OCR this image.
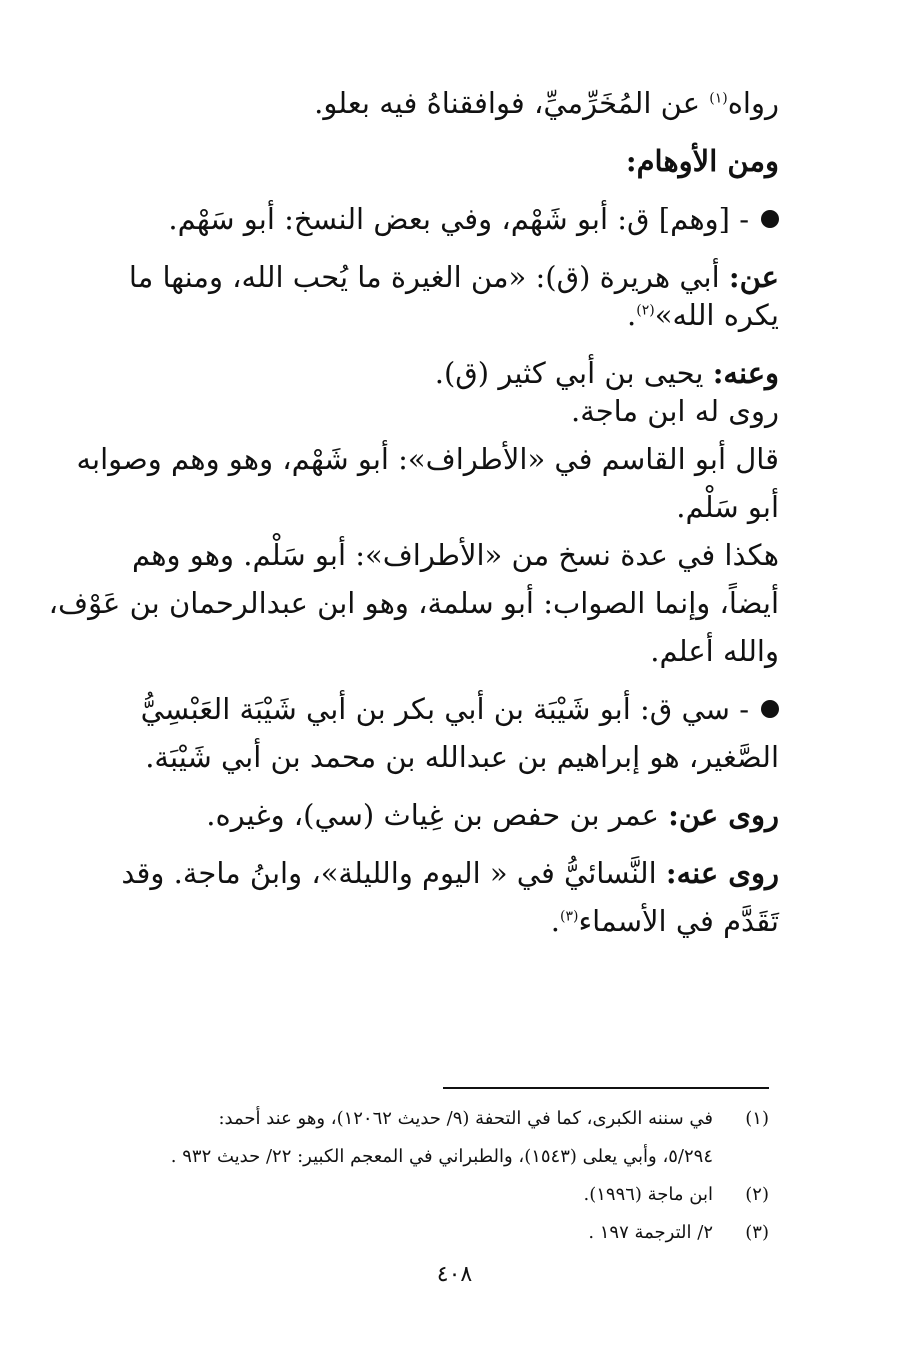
رواه$^{(١)}$ عن المُخَرِّميِّ، فوافقناهُ فيه بعلو.
ومن الأوهام:
- [وهم] ق: أبو شَهْم، وفي بعض النسخ: أبو سَهْم.
عن: أبي هريرة (ق): «من الغيرة ما يُحب الله، ومنها ما
يكره الله»$^{(٢)}$.
وعنه: يحيى بن أبي كثير (ق).
روى له ابن ماجة.
قال أبو القاسم في «الأطراف»: أبو شَهْم، وهو وهم وصوابه
أبو سَلْم.
هكذا في عدة نسخ من «الأطراف»: أبو سَلْم. وهو وهم
أيضاً، وإنما الصواب: أبو سلمة، وهو ابن عبدالرحمان بن عَوْف،
والله أعلم.
- سي ق: أبو شَيْبَة بن أبي بكر بن أبي شَيْبَة العَبْسِيُّ
الصَّغير، هو إبراهيم بن عبدالله بن محمد بن أبي شَيْبَة.
روى عن: عمر بن حفص بن غِياث (سي)، وغيره.
روى عنه: النَّسائيُّ في « اليوم والليلة»، وابنُ ماجة. وقد
تَقَدَّم في الأسماء$^{(٣)}$.
(١)
في سننه الكبرى، كما في التحفة (٩/ حديث ١٢٠٦٢)، وهو عند أحمد:
٥/٢٩٤، وأبي يعلى (١٥٤٣)، والطبراني في المعجم الكبير: ٢٢/ حديث ٩٣٢ .
(٢)
ابن ماجة (١٩٩٦).
(٣)
٢/ الترجمة ١٩٧ .
٤٠٨
